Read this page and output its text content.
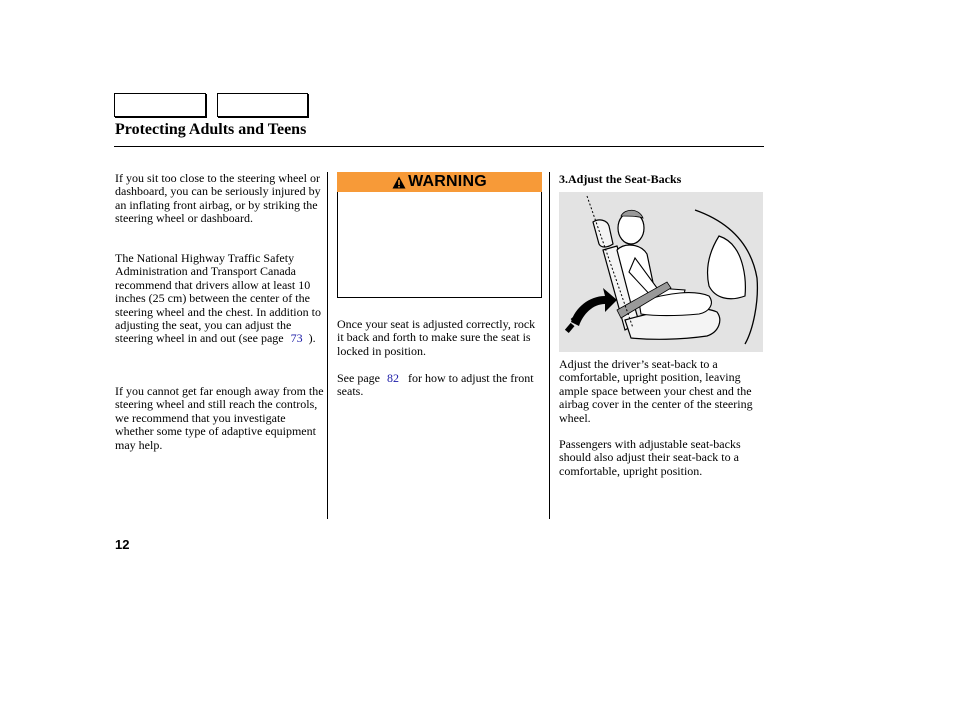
Protecting Adults and Teens

If you sit too close to the steering wheel or dashboard, you can be seriously injured by an inflating front airbag, or by striking the steering wheel or dashboard.

The National Highway Traffic Safety Administration and Transport Canada recommend that drivers allow at least 10 inches (25 cm) between the center of the steering wheel and the chest. In addition to adjusting the seat, you can adjust the steering wheel in and out (see page 73 ).

If you cannot get far enough away from the steering wheel and still reach the controls, we recommend that you investigate whether some type of adaptive equipment may help.

WARNING

Once your seat is adjusted correctly, rock it back and forth to make sure the seat is locked in position.

See page 82 for how to adjust the front seats.

3.Adjust the Seat-Backs

Adjust the driver’s seat-back to a comfortable, upright position, leaving ample space between your chest and the airbag cover in the center of the steering wheel.

Passengers with adjustable seat-backs should also adjust their seat-back to a comfortable, upright position.

12
